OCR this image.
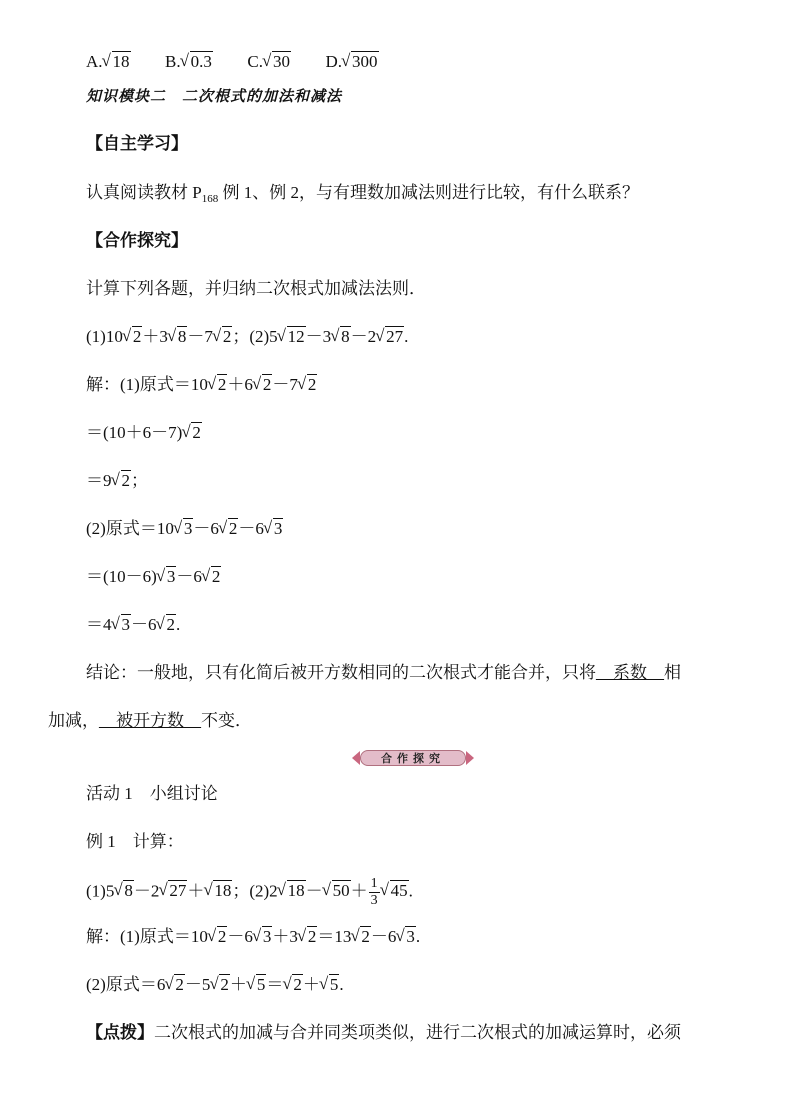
A. √ 18 B. √ 0.3 C. √ 30 D. √ 300
知识模块二　二次根式的加法和减法
【自主学习】
认真阅读教材 $P_{168}$ 例 1、例 2，与有理数加减法则进行比较，有什么联系？
【合作探究】
计算下列各题，并归纳二次根式加减法法则．
(1)10 √ 2＋3 √ 8－7 √ 2；(2)5 √ 12－3 √ 8－2 √ 27.
解：(1)原式＝10 √ 2＋6 √ 2－7 √ 2
＝(10＋6－7) √ 2
＝9 √ 2；
(2)原式＝10 √ 3－6 √ 2－6 √ 3
＝(10－6) √ 3－6 √ 2
＝4 √ 3－6 √ 2.
结论：一般地，只有化简后被开方数相同的二次根式才能合并，只将__系数__相
加减，__被开方数__不变．
合作探究
活动 1　小组讨论
例 1　计算：
(1)5 √ 8－2 √ 27＋ √ 18；(2)2 √ 18－ √ $50+ \frac{1}{3}$ √ 45.
解：(1)原式＝10 √ 2－6 √ 3＋3 √ 2＝13 √ 2－6 √ 3.
(2)原式＝6 √ 2－5 √ 2＋ √ 5＝ √ 2＋ √ 5.
【点拨】二次根式的加减与合并同类项类似，进行二次根式的加减运算时，必须
